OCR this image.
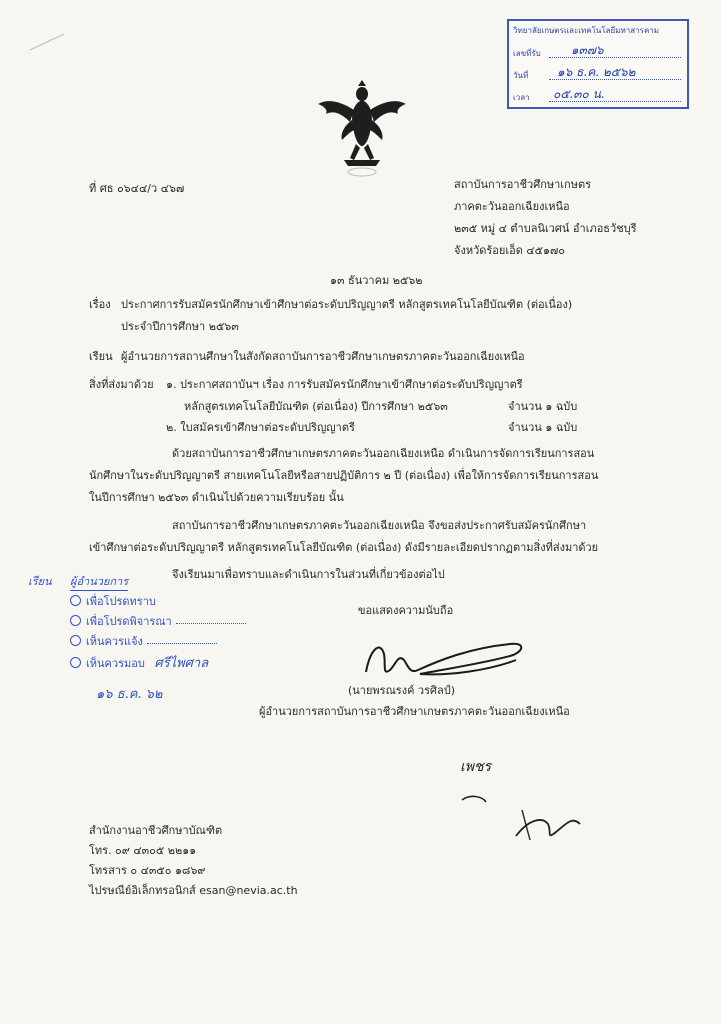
วิทยาลัยเกษตรและเทคโนโลยีมหาสารคาม
เลขที่รับ	๑๓๗๖
วันที่ ๑๖ ธ.ค. ๒๕๖๒
เวลา ๐๕.๓๐ น.
ที่ ศธ ๐๖๔๔/ว ๔๖๗	สถาบันการอาชีวศึกษาเกษตร
ภาคตะวันออกเฉียงเหนือ
๒๓๕ หมู่ ๔ ตำบลนิเวศน์ อำเภอธวัชบุรี
จังหวัดร้อยเอ็ด ๔๕๑๗๐
๑๓ ธันวาคม ๒๕๖๒
เรื่อง ประกาศการรับสมัครนักศึกษาเข้าศึกษาต่อระดับปริญญาตรี หลักสูตรเทคโนโลยีบัณฑิต (ต่อเนื่อง)
ประจำปีการศึกษา ๒๕๖๓
เรียน ผู้อำนวยการสถานศึกษาในสังกัดสถาบันการอาชีวศึกษาเกษตรภาคตะวันออกเฉียงเหนือ
สิ่งที่ส่งมาด้วย ๑. ประกาศสถาบันฯ เรื่อง การรับสมัครนักศึกษาเข้าศึกษาต่อระดับปริญญาตรี
หลักสูตรเทคโนโลยีบัณฑิต (ต่อเนื่อง) ปีการศึกษา ๒๕๖๓	จำนวน ๑ ฉบับ
๒. ใบสมัครเข้าศึกษาต่อระดับปริญญาตรี	จำนวน ๑ ฉบับ
ด้วยสถาบันการอาชีวศึกษาเกษตรภาคตะวันออกเฉียงเหนือ ดำเนินการจัดการเรียนการสอน
นักศึกษาในระดับปริญญาตรี สายเทคโนโลยีหรือสายปฏิบัติการ ๒ ปี (ต่อเนื่อง) เพื่อให้การจัดการเรียนการสอน
ในปีการศึกษา ๒๕๖๓ ดำเนินไปด้วยความเรียบร้อย นั้น
สถาบันการอาชีวศึกษาเกษตรภาคตะวันออกเฉียงเหนือ จึงขอส่งประกาศรับสมัครนักศึกษา
เข้าศึกษาต่อระดับปริญญาตรี หลักสูตรเทคโนโลยีบัณฑิต (ต่อเนื่อง) ดังมีรายละเอียดปรากฏตามสิ่งที่ส่งมาด้วย
จึงเรียนมาเพื่อทราบและดำเนินการในส่วนที่เกี่ยวข้องต่อไป
ขอแสดงความนับถือ
(นายพรณรงค์ วรศิลป์)
ผู้อำนวยการสถาบันการอาชีวศึกษาเกษตรภาคตะวันออกเฉียงเหนือ
เรียน ผู้อำนวยการ
เพื่อโปรดทราบ
เพื่อโปรดพิจารณา
เห็นควรแจ้ง
เห็นควรมอบ ศรีไพศาล
๑๖ ธ.ค. ๖๒
เพชร
สำนักงานอาชีวศึกษาบัณฑิต
โทร. ๐๙ ๔๓๐๕ ๒๒๑๑
โทรสาร ๐ ๔๓๕๐ ๑๘๖๙
ไปรษณีย์อิเล็กทรอนิกส์ esan@nevia.ac.th
